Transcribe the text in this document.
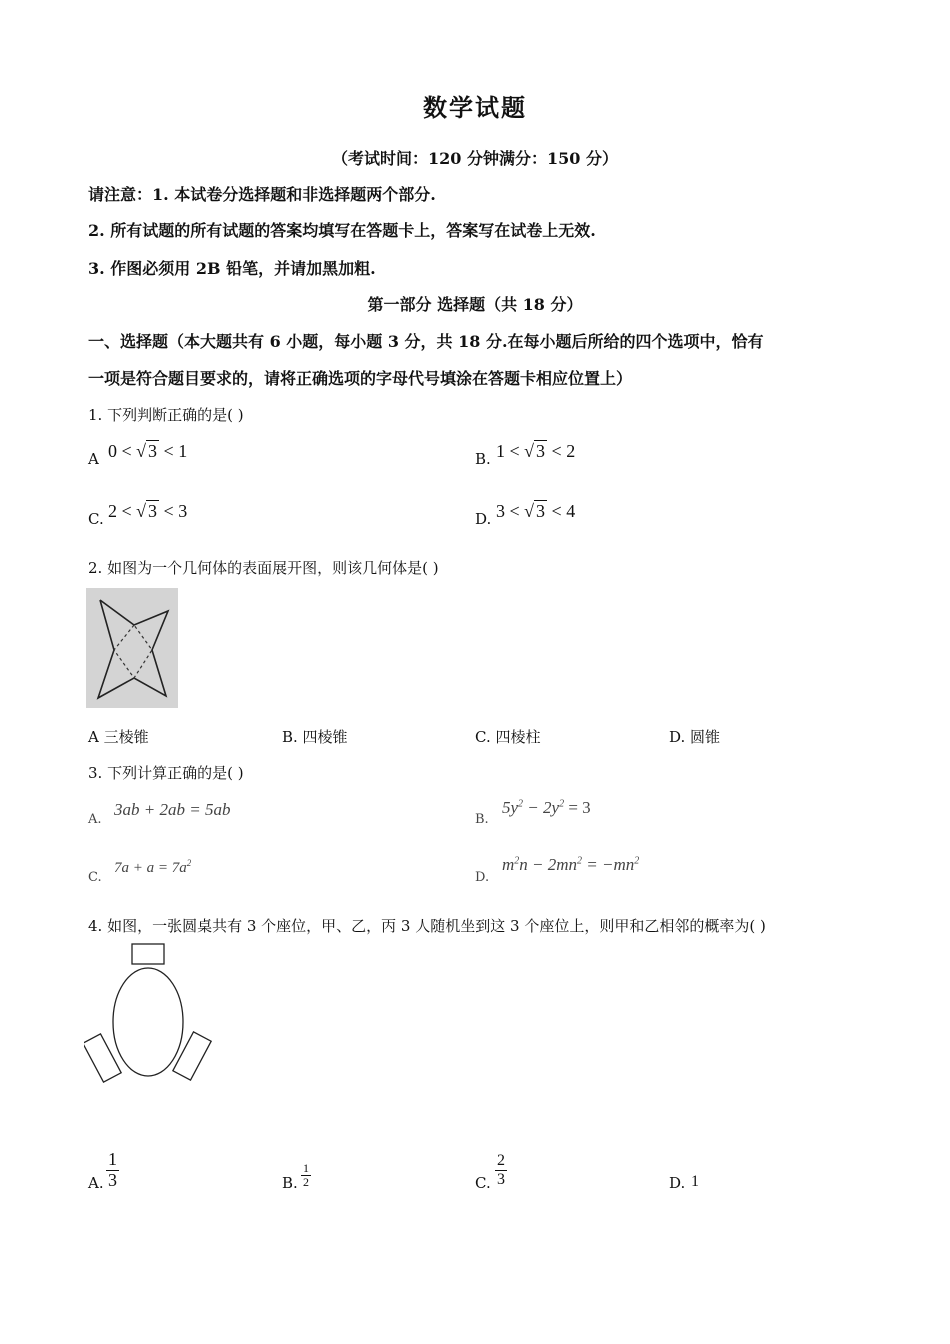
数学试题
（考试时间：120 分钟满分：150 分）
请注意：1. 本试卷分选择题和非选择题两个部分.
2. 所有试题的所有试题的答案均填写在答题卡上，答案写在试卷上无效.
3. 作图必须用 2B 铅笔，并请加黑加粗.
第一部分 选择题（共 18 分）
一、选择题（本大题共有 6 小题，每小题 3 分，共 18 分.在每小题后所给的四个选项中，恰有
一项是符合题目要求的，请将正确选项的字母代号填涂在答题卡相应位置上）
1. 下列判断正确的是( )
A 0 < √ 3 < 1	B. 1 < √ 3 < 2
C. 2 < √ 3 < 3	D. 3 < √ 3 < 4
2. 如图为一个几何体的表面展开图，则该几何体是( )
A 三棱锥	B. 四棱锥	C. 四棱柱	D. 圆锥
3. 下列计算正确的是( )
A.
3ab + 2ab = 5ab
B.
$5y^2 - 2y^2 = 3$
C.
$7a + a = 7a^2$
D.
$m^2n - 2mn^2 = -mn^2$
4. 如图，一张圆桌共有 3 个座位，甲、乙，丙 3 人随机坐到这 3 个座位上，则甲和乙相邻的概率为( )
A. $\frac{1}{3}$	B. $\frac{1}{2}$	C. $\frac{2}{3}$	D. 1
